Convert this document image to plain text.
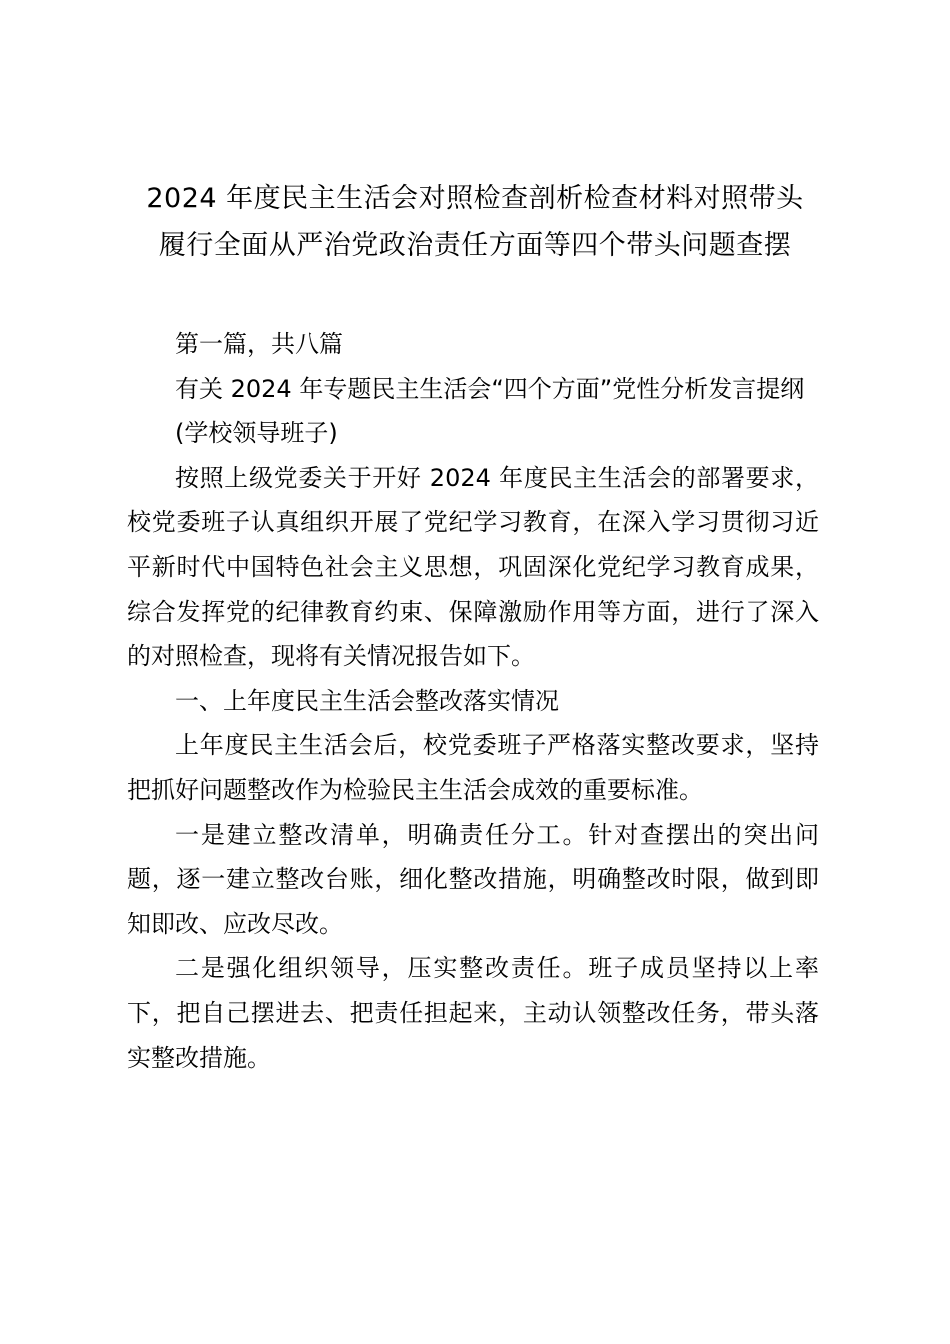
2024 年度民主生活会对照检查剖析检查材料对照带头
履行全面从严治党政治责任方面等四个带头问题查摆

第一篇，共八篇

有关 2024 年专题民主生活会“四个方面”党性分析发言提纲

(学校领导班子)

按照上级党委关于开好 2024 年度民主生活会的部署要求，校党委班子认真组织开展了党纪学习教育，在深入学习贯彻习近平新时代中国特色社会主义思想，巩固深化党纪学习教育成果，综合发挥党的纪律教育约束、保障激励作用等方面，进行了深入的对照检查，现将有关情况报告如下。

一、上年度民主生活会整改落实情况

上年度民主生活会后，校党委班子严格落实整改要求，坚持把抓好问题整改作为检验民主生活会成效的重要标准。

一是建立整改清单，明确责任分工。针对查摆出的突出问题，逐一建立整改台账，细化整改措施，明确整改时限，做到即知即改、应改尽改。

二是强化组织领导，压实整改责任。班子成员坚持以上率下，把自己摆进去、把责任担起来，主动认领整改任务，带头落实整改措施。
